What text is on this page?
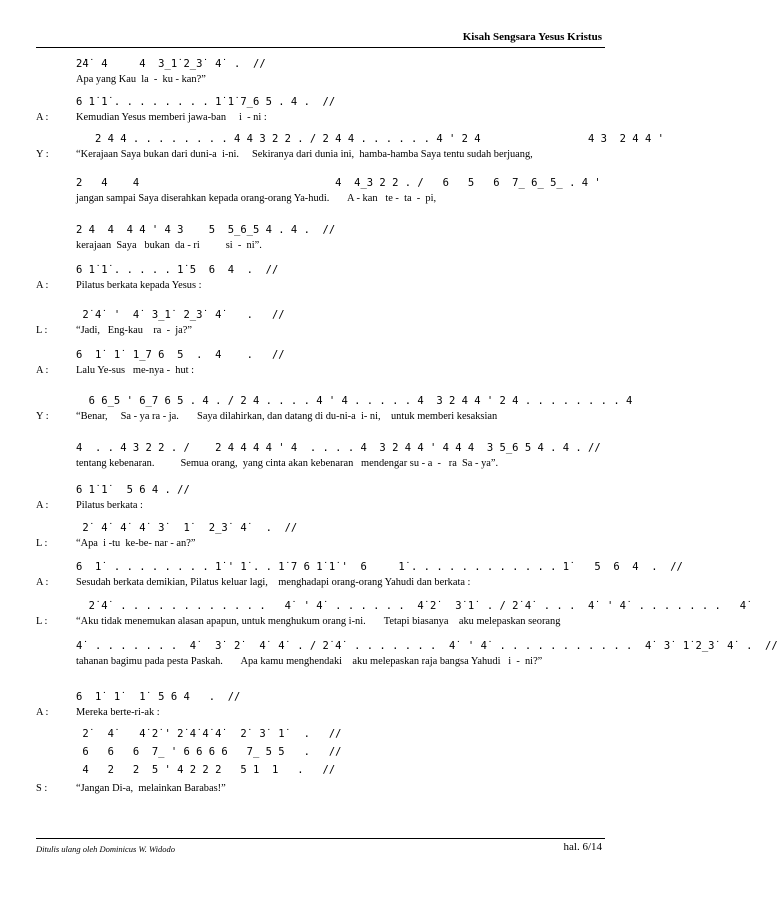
Kisah Sengsara Yesus Kristus
2̇4̇  4     4  3̲1̇ 2̲3̇  4̇  .  //
Apa yang Kau  la  -  ku - kan?”
6 1̇ 1̇ . . . . . . . . 1̇ 1̇ 7̲6 5 . 4 .  //
A :	Kemudian Yesus memberi jawa-ban     i  - ni :
2 4 4 . . . . . . . . 4 4 3 2 2 . / 2 4 4 . . . . . . 4 ' 2 4                 4 3  2 4 4 '
Y :	“Kerajaan Saya bukan dari duni-a  i-ni.     Sekiranya dari dunia ini,  hamba-hamba Saya tentu sudah berjuang,
2   4    4                               4  4̲3 2 2 . /   6   5   6  7̲ 6̲ 5̲ . 4 '
jangan sampai Saya diserahkan kepada orang-orang Ya-hudi.       A - kan   te -  ta  -  pi,
2 4  4  4 4 ' 4 3    5  5̲6̲5 4 . 4 .  //
kerajaan  Saya   bukan  da - ri          si  -  ni”.
6 1̇ 1̇ . . . . . 1̇ 5  6  4  .  //
A :	Pilatus berkata kepada Yesus :
2̇ 4̇  '  4̇  3̲1̇  2̲3̇  4̇    .   //
L :	“Jadi,   Eng-kau    ra  -  ja?”
6  1̇  1̇  1̲7 6  5  .  4    .   //
A :	Lalu Ye-sus   me-nya -  hut :
6 6̲5 ' 6̲7 6 5 . 4 . / 2 4 . . . . 4 ' 4 . . . . . 4  3 2 4 4 ' 2 4 . . . . . . . . 4
Y :	“Benar,     Sa - ya ra - ja.       Saya dilahirkan, dan datang di du-ni-a  i- ni,    untuk memberi kesaksian
4  . . 4 3 2 2 . /    2 4 4 4 4 ' 4  . . . . 4  3 2 4 4 ' 4 4 4  3 5̲6 5 4 . 4 . //
tentang kebenaran.          Semua orang,  yang cinta akan kebenaran   mendengar su - a  -   ra  Sa - ya”.
6 1̇ 1̇   5 6 4 . //
A :	Pilatus berkata :
2̇  4̇  4̇  4̇  3̇   1̇   2̲3̇  4̇   .  //
L :	“Apa  i -tu  ke-be- nar - an?”
6  1̇  . . . . . . . . 1̇ ' 1̇ . . 1̇ 7 6 1̇ 1̇ '  6     1̇ . . . . . . . . . . . . 1̇    5  6  4  .  //
A :	Sesudah berkata demikian, Pilatus keluar lagi,    menghadapi orang-orang Yahudi dan berkata :
2̇ 4̇  . . . . . . . . . . . .   4̇  ' 4̇  . . . . . .  4̇ 2̇   3̇ 1̇  . / 2̇ 4̇  . . .  4̇  ' 4̇  . . . . . . .   4̇
L :	“Aku tidak menemukan alasan apapun, untuk menghukum orang i-ni.       Tetapi biasanya    aku melepaskan seorang
4̇  . . . . . . .  4̇   3̇  2̇   4̇  4̇  . / 2̇ 4̇  . . . . . . .  4̇  ' 4̇  . . . . . . . . . . .  4̇  3̇  1̇ 2̲3̇  4̇  .  //
tahanan bagimu pada pesta Paskah.       Apa kamu menghendaki    aku melepaskan raja bangsa Yahudi   i  -  ni?”
6  1̇  1̇   1̇  5 6 4   .  //
A :	Mereka berte-ri-ak :
2̇   4̇    4̇ 2̇ ' 2̇ 4̇ 4̇ 4̇   2̇  3̇  1̇   .   //
6   6   6  7̲ ' 6 6 6 6   7̲ 5 5   .   //
4   2   2  5 ' 4 2 2 2   5 1  1   .   //
S :	“Jangan Di-a,  melainkan Barabas!”
Ditulis ulang oleh Dominicus W. Widodo	hal. 6/14
